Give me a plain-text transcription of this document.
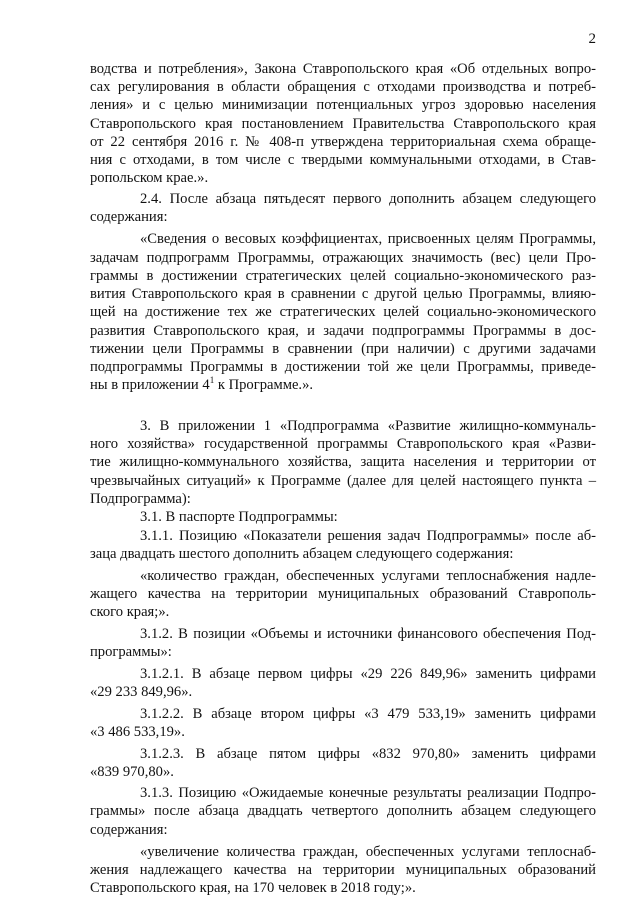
2
водства и потребления», Закона Ставропольского края «Об отдельных вопро-
сах регулирования в области обращения с отходами производства и потреб-
ления» и с целью минимизации потенциальных угроз здоровью населения
Ставропольского края постановлением Правительства Ставропольского края
от 22 сентября 2016 г. № 408-п утверждена территориальная схема обраще-
ния с отходами, в том числе с твердыми коммунальными отходами, в Став-
ропольском крае.».
2.4. После абзаца пятьдесят первого дополнить абзацем следующего
содержания:
«Сведения о весовых коэффициентах, присвоенных целям Программы,
задачам подпрограмм Программы, отражающих значимость (вес) цели Про-
граммы в достижении стратегических целей социально-экономического раз-
вития Ставропольского края в сравнении с другой целью Программы, влияю-
щей на достижение тех же стратегических целей социально-экономического
развития Ставропольского края, и задачи подпрограммы Программы в дос-
тижении цели Программы в сравнении (при наличии) с другими задачами
подпрограммы Программы в достижении той же цели Программы, приведе-
ны в приложении $4^1$ к Программе.».
3. В приложении 1 «Подпрограмма «Развитие жилищно-коммуналь-
ного хозяйства» государственной программы Ставропольского края «Разви-
тие жилищно-коммунального хозяйства, защита населения и территории от
чрезвычайных ситуаций» к Программе (далее для целей настоящего пункта –
Подпрограмма):
3.1. В паспорте Подпрограммы:
3.1.1. Позицию «Показатели решения задач Подпрограммы» после аб-
заца двадцать шестого дополнить абзацем следующего содержания:
«количество граждан, обеспеченных услугами теплоснабжения надле-
жащего качества на территории муниципальных образований Ставрополь-
ского края;».
3.1.2. В позиции «Объемы и источники финансового обеспечения Под-
программы»:
3.1.2.1. В абзаце первом цифры «29 226 849,96» заменить цифрами
«29 233 849,96».
3.1.2.2. В абзаце втором цифры «3 479 533,19» заменить цифрами
«3 486 533,19».
3.1.2.3. В абзаце пятом цифры «832 970,80» заменить цифрами
«839 970,80».
3.1.3. Позицию «Ожидаемые конечные результаты реализации Подпро-
граммы» после абзаца двадцать четвертого дополнить абзацем следующего
содержания:
«увеличение количества граждан, обеспеченных услугами теплоснаб-
жения надлежащего качества на территории муниципальных образований
Ставропольского края, на 170 человек в 2018 году;».
